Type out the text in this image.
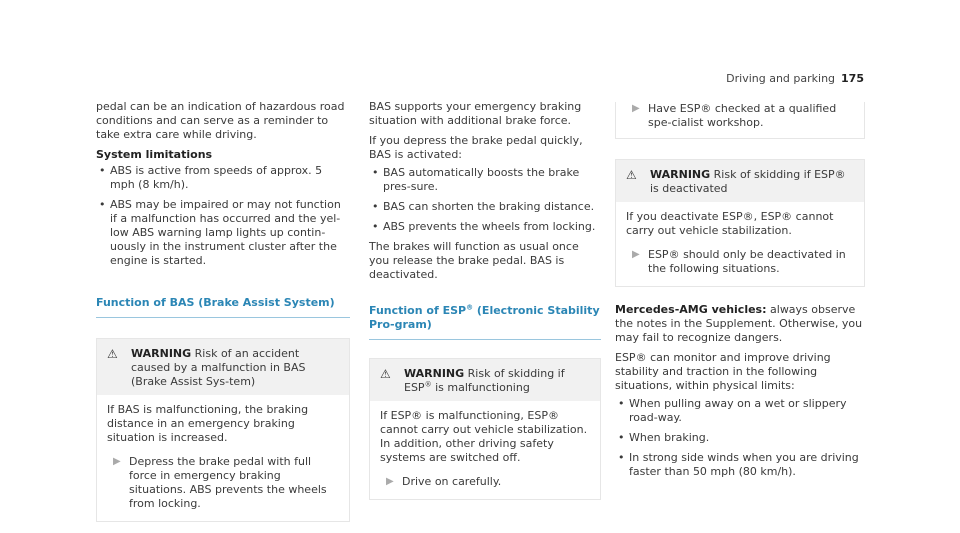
Driving and parking 175

pedal can be an indication of hazardous road conditions and can serve as a reminder to take extra care while driving.

System limitations

• ABS is active from speeds of approx. 5 mph (8 km/h).
• ABS may be impaired or may not function if a malfunction has occurred and the yel-low ABS warning lamp lights up contin-uously in the instrument cluster after the engine is started.
Function of BAS (Brake Assist System)
⚠ WARNING Risk of an accident caused by a malfunction in BAS (Brake Assist Sys-tem)

If BAS is malfunctioning, the braking distance in an emergency braking situation is increased.

▶ Depress the brake pedal with full force in emergency braking situations. ABS prevents the wheels from locking.

BAS supports your emergency braking situation with additional brake force.

If you depress the brake pedal quickly, BAS is activated:

• BAS automatically boosts the brake pres-sure.
• BAS can shorten the braking distance.
• ABS prevents the wheels from locking.

The brakes will function as usual once you release the brake pedal. BAS is deactivated.

Function of ESP® (Electronic Stability Pro-gram)
⚠ WARNING Risk of skidding if ESP® is malfunctioning

If ESP® is malfunctioning, ESP® cannot carry out vehicle stabilization. In addition, other driving safety systems are switched off.

▶ Drive on carefully.
▶ Have ESP® checked at a qualified spe-cialist workshop.
⚠ WARNING Risk of skidding if ESP® is deactivated

If you deactivate ESP®, ESP® cannot carry out vehicle stabilization.

▶ ESP® should only be deactivated in the following situations.

Mercedes-AMG vehicles: always observe the notes in the Supplement. Otherwise, you may fail to recognize dangers.

ESP® can monitor and improve driving stability and traction in the following situations, within physical limits:

• When pulling away on a wet or slippery road-way.
• When braking.
• In strong side winds when you are driving faster than 50 mph (80 km/h).
